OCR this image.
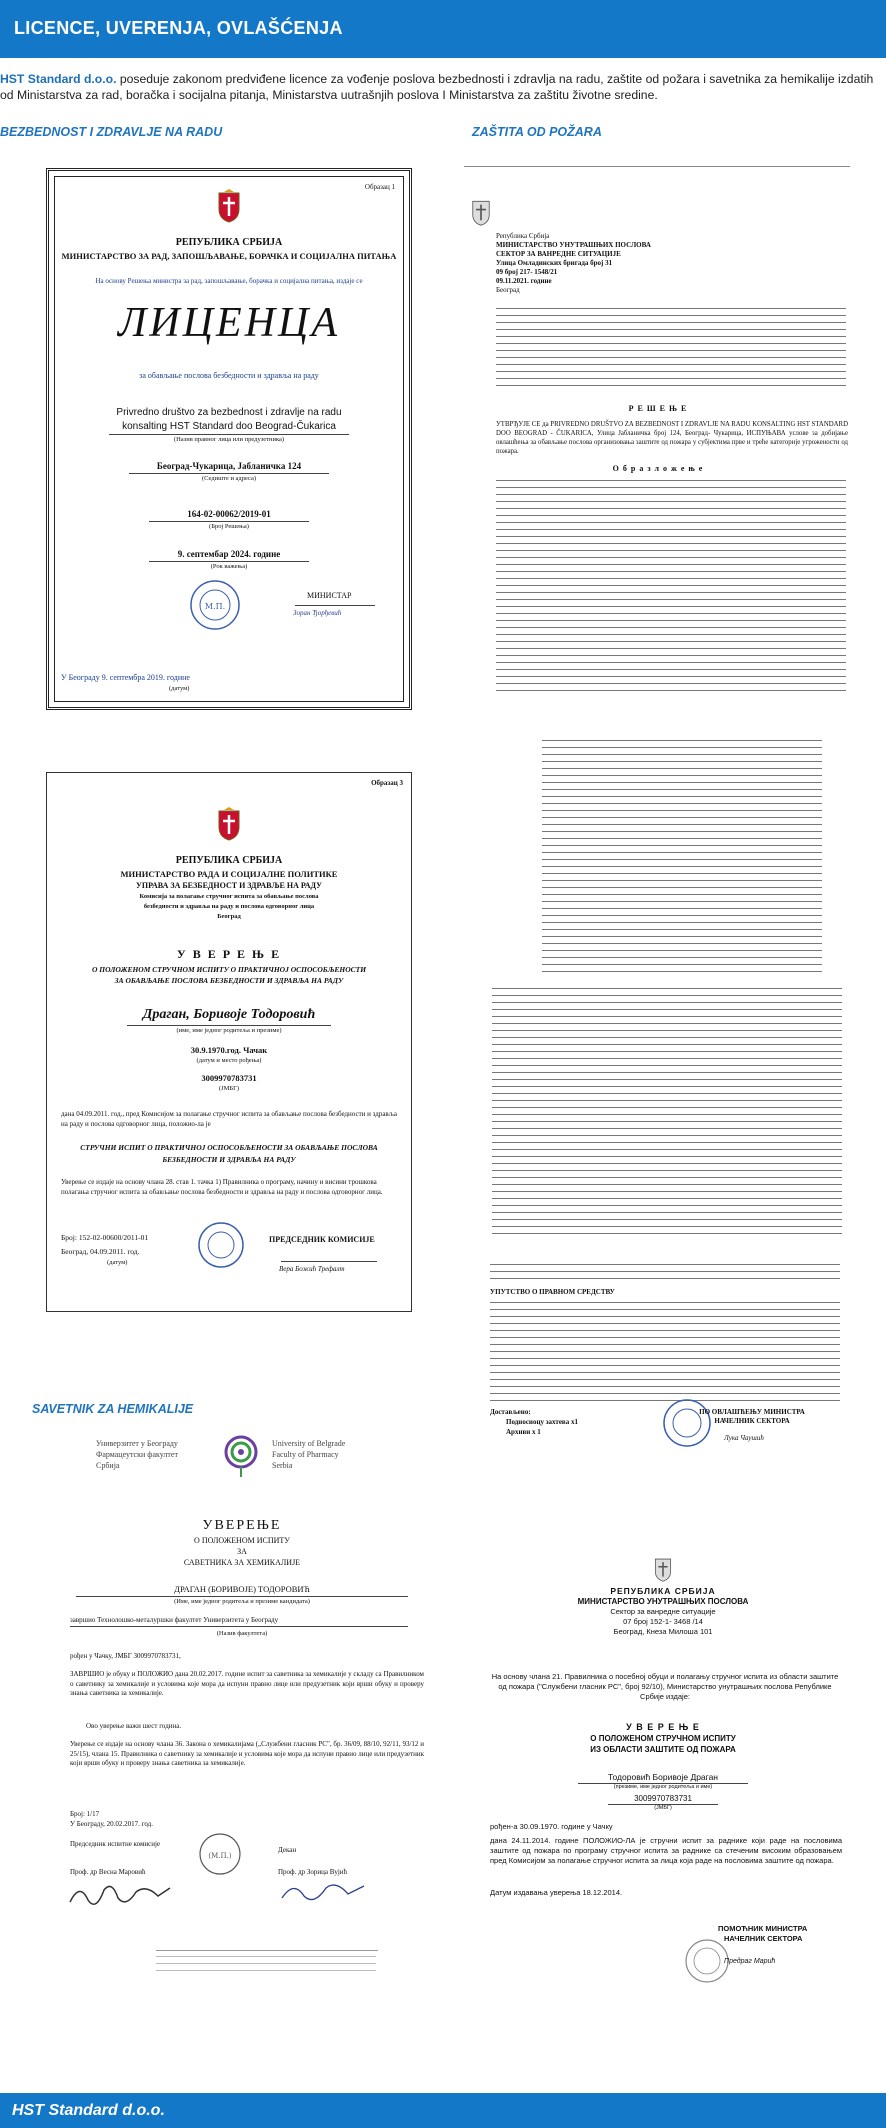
LICENCE, UVERENJA, OVLAŠĆENJA

HST Standard d.o.o. poseduje zakonom predviđene licence za vođenje poslova bezbednosti i zdravlja na radu, zaštite od požara i savetnika za hemikalije izdatih od Ministarstva za rad, boračka i socijalna pitanja, Ministarstva uutrašnjih poslova I Ministarstva za zaštitu životne sredine.

BEZBEDNOST I ZDRAVLJE NA RADU	ZAŠTITA OD POŽARA
SAVETNIK ZA HEMIKALIJE
Образац 1
РЕПУБЛИКА СРБИЈА
МИНИСТАРСТВО ЗА РАД, ЗАПОШЉАВАЊЕ, БОРАЧКА И СОЦИЈАЛНА ПИТАЊА
На основу Решења министра за рад, запошљавање, борачка и социјална питања, издаје се
ЛИЦЕНЦА
за обављање послова безбедности и здравља на раду
Privredno društvo za bezbednost i zdravlje na radu
konsalting HST Standard doo Beograd-Čukarica
(Назив правног лица или предузетника)
Београд-Чукарица, Јабланичка 124
(Седиште и адреса)
164-02-00062/2019-01
(Број Решења)
9. септембар 2024. године
(Рок важења)
М.П.
МИНИСТАР
Зоран Ђорђевић
У Београду 9. септембра 2019. године
(датум)
Образац 3
РЕПУБЛИКА СРБИЈА
МИНИСТАРСТВО РАДА И СОЦИЈАЛНЕ ПОЛИТИКЕ
УПРАВА ЗА БЕЗБЕДНОСТ И ЗДРАВЉЕ НА РАДУ
Комисија за полагање стручног испита за обављање послова
безбедности и здравља на раду и послова одговорног лица
Београд
У В Е Р Е Њ Е
О ПОЛОЖЕНОМ СТРУЧНОМ ИСПИТУ О ПРАКТИЧНОЈ ОСПОСОБЉЕНОСТИ
ЗА ОБАВЉАЊЕ ПОСЛОВА БЕЗБЕДНОСТИ И ЗДРАВЉА НА РАДУ
Драган, Боривоје Тодоровић
(име, име једног родитеља и презиме)
30.9.1970.год. Чачак
(датум и место рођења)
3009970783731
(ЈМБГ)
дана 04.09.2011. год., пред Комисијом за полагање стручног испита за обављање послова безбедности и здравља на раду и послова одговорног лица, положио-ла је
СТРУЧНИ ИСПИТ О ПРАКТИЧНОЈ ОСПОСОБЉЕНОСТИ ЗА ОБАВЉАЊЕ ПОСЛОВА
БЕЗБЕДНОСТИ И ЗДРАВЉА НА РАДУ
Уверење се издаје на основу члана 28. став 1. тачка 1) Правилника о програму, начину и висини трошкова полагања стручног испита за обављање послова безбедности и здравља на раду и послова одговорног лица.
Број: 152-02-00600/2011-01
Београд, 04.09.2011. год.
(датум)
ПРЕДСЕДНИК КОМИСИЈЕ
Вера Божић Трефалт
Република Србија
МИНИСТАРСТВО УНУТРАШЊИХ ПОСЛОВА
СЕКТОР ЗА ВАНРЕДНЕ СИТУАЦИЈЕ
Улица Омладинских бригада број 31
09 број 217- 1548/21
09.11.2021. године
Београд
Р Е Ш Е Њ Е
УТВРЂУЈЕ СЕ да PRIVREDNO DRUŠTVO ZA BEZBEDNOST I ZDRAVLJE NA RADU KONSALTING HST STANDARD DOO BEOGRAD - ČUKARICA, Улица Јабланичка број 124, Београд- Чукарица, ИСПУЊАВА услове за добијање овлашћења за обављање послова организовања заштите од пожара у субјектима прве и треће категорије угрожености од пожара.
О б р а з л о ж е њ е
УПУТСТВО О ПРАВНОМ СРЕДСТВУ
Достављено:
Подносиоцу захтева х1
Архиви х 1
ПО ОВЛАШЋЕЊУ МИНИСТРА НАЧЕЛНИК СЕКТОРА
Лука Чаушић
Универзитет у Београду
Фармацеутски факултет
Србија
University of Belgrade
Faculty of Pharmacy
Serbia
УВЕРЕЊЕ
О ПОЛОЖЕНОМ ИСПИТУ
ЗА
САВЕТНИКА ЗА ХЕМИКАЛИЈЕ
ДРАГАН (БОРИВОЈЕ) ТОДОРОВИЋ
(Име, име једног родитеља и презиме кандидата)
завршио Технолошко-металуршки факултет Универзитета у Београду
(Назив факултета)
рођен у Чачку, ЈМБГ 3009970783731,
ЗАВРШИО је обуку и ПОЛОЖИО дана 20.02.2017. године испит за саветника за хемикалије у складу са Правилником о саветнику за хемикалије и условима које мора да испуни правно лице или предузетник који врши обуку и проверу знања саветника за хемикалије.
Ово уверење важи шест година.
Уверење се издаје на основу члана 36. Закона о хемикалијама („Службени гласник РС", бр. 36/09, 88/10, 92/11, 93/12 и 25/15), члана 15. Правилника о саветнику за хемикалије и условима које мора да испуни правно лице или предузетник који врши обуку и проверу знања саветника за хемикалије.
Број: 1/17
У Београду, 20.02.2017. год.
Председник испитне комисије
Декан
(М.П.)
Проф. др Весна Маровић	Проф. др Зорица Вујић
РЕПУБЛИКА СРБИЈА
МИНИСТАРСТВО УНУТРАШЊИХ ПОСЛОВА
Сектор за ванредне ситуације
07 број 152-1- 3468 /14
Београд, Кнеза Милоша 101
На основу члана 21. Правилника о посебној обуци и полагању стручног испита из области заштите од пожара ("Службени гласник РС", број 92/10), Министарство унутрашњих послова Републике Србије издаје:
У В Е Р Е Њ Е
О ПОЛОЖЕНОМ СТРУЧНОМ ИСПИТУ
ИЗ ОБЛАСТИ ЗАШТИТЕ ОД ПОЖАРА
Тодоровић Боривоје Драган
(презиме, име једног родитеља и име)
3009970783731
(ЈМБГ)
рођен-а 30.09.1970. године у Чачку
дана 24.11.2014. године ПОЛОЖИО-ЛА је стручни испит за раднике који раде на пословима заштите од пожара по програму стручног испита за раднике са стеченим високим образовањем пред Комисијом за полагање стручног испита за лица која раде на пословима заштите од пожара.
Датум издавања уверења 18.12.2014.
ПОМОЋНИК МИНИСТРА
НАЧЕЛНИК СЕКТОРА
Предраг Марић
HST Standard d.o.o.
